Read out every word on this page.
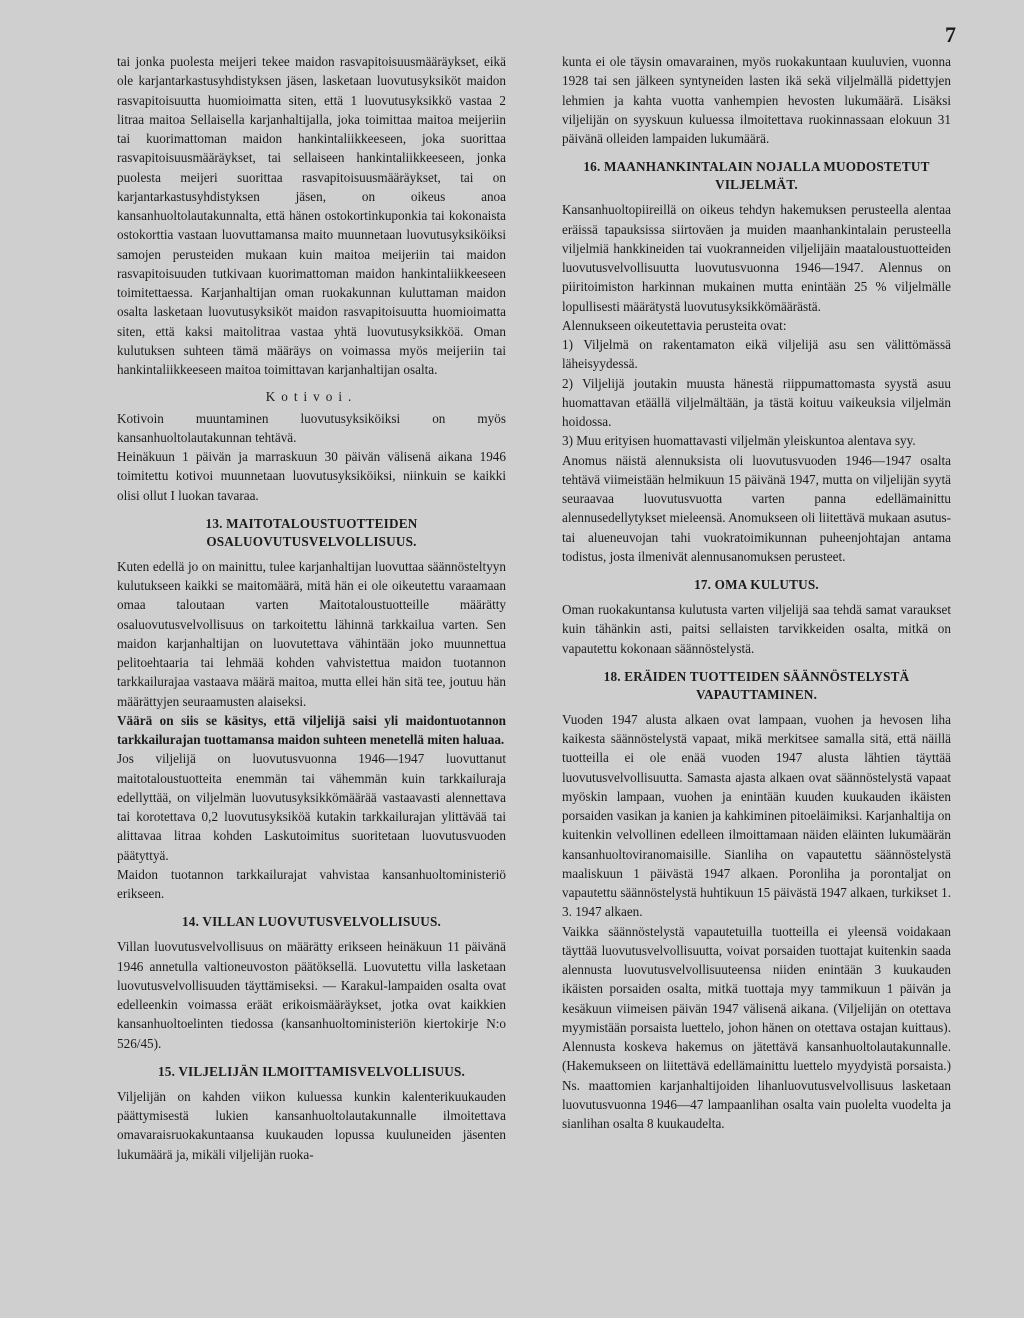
7

tai jonka puolesta meijeri tekee maidon rasvapitoisuusmääräykset, eikä ole karjantarkastusyhdistyksen jäsen, lasketaan luovutusyksiköt maidon rasvapitoisuutta huomioimatta siten, että 1 luovutusyksikkö vastaa 2 litraa maitoa Sellaisella karjanhaltijalla, joka toimittaa maitoa meijeriin tai kuorimattoman maidon hankintaliikkeeseen, joka suorittaa rasvapitoisuusmääräykset, tai sellaiseen hankintaliikkeeseen, jonka puolesta meijeri suorittaa rasvapitoisuusmääräykset, tai on karjantarkastusyhdistyksen jäsen, on oikeus anoa kansanhuoltolautakunnalta, että hänen ostokortinkuponkia tai kokonaista ostokorttia vastaan luovuttamansa maito muunnetaan luovutusyksiköiksi samojen perusteiden mukaan kuin maitoa meijeriin tai maidon rasvapitoisuuden tutkivaan kuorimattoman maidon hankintaliikkeeseen toimitettaessa. Karjanhaltijan oman ruokakunnan kuluttaman maidon osalta lasketaan luovutusyksiköt maidon rasvapitoisuutta huomioimatta siten, että kaksi maitolitraa vastaa yhtä luovutusyksikköä. Oman kulutuksen suhteen tämä määräys on voimassa myös meijeriin tai hankintaliikkeeseen maitoa toimittavan karjanhaltijan osalta.

Kotivoi.

Kotivoin muuntaminen luovutusyksiköiksi on myös kansanhuoltolautakunnan tehtävä.

Heinäkuun 1 päivän ja marraskuun 30 päivän välisenä aikana 1946 toimitettu kotivoi muunnetaan luovutusyksiköiksi, niinkuin se kaikki olisi ollut I luokan tavaraa.

13. MAITOTALOUSTUOTTEIDEN OSALUOVUTUSVELVOLLISUUS.

Kuten edellä jo on mainittu, tulee karjanhaltijan luovuttaa säännösteltyyn kulutukseen kaikki se maitomäärä, mitä hän ei ole oikeutettu varaamaan omaa taloutaan varten Maitotaloustuotteille määrätty osaluovutusvelvollisuus on tarkoitettu lähinnä tarkkailua varten. Sen maidon karjanhaltijan on luovutettava vähintään joko muunnettua pelitoehtaaria tai lehmää kohden vahvistettua maidon tuotannon tarkkailurajaa vastaava määrä maitoa, mutta ellei hän sitä tee, joutuu hän määrättyjen seuraamusten alaiseksi.

Väärä on siis se käsitys, että viljelijä saisi yli maidontuotannon tarkkailurajan tuottamansa maidon suhteen menetellä miten haluaa.

Jos viljelijä on luovutusvuonna 1946—1947 luovuttanut maitotaloustuotteita enemmän tai vähemmän kuin tarkkailuraja edellyttää, on viljelmän luovutusyksikkömäärää vastaavasti alennettava tai korotettava 0,2 luovutusyksiköä kutakin tarkkailurajan ylittävää tai alittavaa litraa kohden Laskutoimitus suoritetaan luovutusvuoden päätyttyä.

Maidon tuotannon tarkkailurajat vahvistaa kansanhuoltoministeriö erikseen.

14. VILLAN LUOVUTUSVELVOLLISUUS.

Villan luovutusvelvollisuus on määrätty erikseen heinäkuun 11 päivänä 1946 annetulla valtioneuvoston päätöksellä. Luovutettu villa lasketaan luovutusvelvollisuuden täyttämiseksi. — Karakul-lampaiden osalta ovat edelleenkin voimassa eräät erikoismääräykset, jotka ovat kaikkien kansanhuoltoelinten tiedossa (kansanhuoltoministeriön kiertokirje N:o 526/45).

15. VILJELIJÄN ILMOITTAMISVELVOLLISUUS.

Viljelijän on kahden viikon kuluessa kunkin kalenterikuukauden päättymisestä lukien kansanhuoltolautakunnalle ilmoitettava omavaraisruokakuntaansa kuukauden lopussa kuuluneiden jäsenten lukumäärä ja, mikäli viljelijän ruoka-

kunta ei ole täysin omavarainen, myös ruokakuntaan kuuluvien, vuonna 1928 tai sen jälkeen syntyneiden lasten ikä sekä viljelmällä pidettyjen lehmien ja kahta vuotta vanhempien hevosten lukumäärä. Lisäksi viljelijän on syyskuun kuluessa ilmoitettava ruokinnassaan elokuun 31 päivänä olleiden lampaiden lukumäärä.

16. MAANHANKINTALAIN NOJALLA MUODOSTETUT VILJELMÄT.

Kansanhuoltopiireillä on oikeus tehdyn hakemuksen perusteella alentaa eräissä tapauksissa siirtoväen ja muiden maanhankintalain perusteella viljelmiä hankkineiden tai vuokranneiden viljelijäin maataloustuotteiden luovutusvelvollisuutta luovutusvuonna 1946—1947. Alennus on piiritoimiston harkinnan mukainen mutta enintään 25 % viljelmälle lopullisesti määrätystä luovutusyksikkömäärästä.

Alennukseen oikeutettavia perusteita ovat:

1) Viljelmä on rakentamaton eikä viljelijä asu sen välittömässä läheisyydessä.

2) Viljelijä joutakin muusta hänestä riippumattomasta syystä asuu huomattavan etäällä viljelmältään, ja tästä koituu vaikeuksia viljelmän hoidossa.

3) Muu erityisen huomattavasti viljelmän yleiskuntoa alentava syy.

Anomus näistä alennuksista oli luovutusvuoden 1946—1947 osalta tehtävä viimeistään helmikuun 15 päivänä 1947, mutta on viljelijän syytä seuraavaa luovutusvuotta varten panna edellämainittu alennusedellytykset mieleensä. Anomukseen oli liitettävä mukaan asutus- tai alueneuvojan tahi vuokratoimikunnan puheenjohtajan antama todistus, josta ilmenivät alennusanomuksen perusteet.

17. OMA KULUTUS.

Oman ruokakuntansa kulutusta varten viljelijä saa tehdä samat varaukset kuin tähänkin asti, paitsi sellaisten tarvikkeiden osalta, mitkä on vapautettu kokonaan säännöstelystä.

18. ERÄIDEN TUOTTEIDEN SÄÄNNÖSTELYSTÄ VAPAUTTAMINEN.

Vuoden 1947 alusta alkaen ovat lampaan, vuohen ja hevosen liha kaikesta säännöstelystä vapaat, mikä merkitsee samalla sitä, että näillä tuotteilla ei ole enää vuoden 1947 alusta lähtien täyttää luovutusvelvollisuutta. Samasta ajasta alkaen ovat säännöstelystä vapaat myöskin lampaan, vuohen ja enintään kuuden kuukauden ikäisten porsaiden vasikan ja kanien ja kahkiminen pitoeläimiksi. Karjanhaltija on kuitenkin velvollinen edelleen ilmoittamaan näiden eläinten lukumäärän kansanhuoltoviranomaisille. Sianliha on vapautettu säännöstelystä maaliskuun 1 päivästä 1947 alkaen. Poronliha ja porontaljat on vapautettu säännöstelystä huhtikuun 15 päivästä 1947 alkaen, turkikset 1. 3. 1947 alkaen.

Vaikka säännöstelystä vapautetuilla tuotteilla ei yleensä voidakaan täyttää luovutusvelvollisuutta, voivat porsaiden tuottajat kuitenkin saada alennusta luovutusvelvollisuuteensa niiden enintään 3 kuukauden ikäisten porsaiden osalta, mitkä tuottaja myy tammikuun 1 päivän ja kesäkuun viimeisen päivän 1947 välisenä aikana. (Viljelijän on otettava myymistään porsaista luettelo, johon hänen on otettava ostajan kuittaus). Alennusta koskeva hakemus on jätettävä kansanhuoltolautakunnalle. (Hakemukseen on liitettävä edellämainittu luettelo myydyistä porsaista.) Ns. maattomien karjanhaltijoiden lihanluovutusvelvollisuus lasketaan luovutusvuonna 1946—47 lampaanlihan osalta vain puolelta vuodelta ja sianlihan osalta 8 kuukaudelta.
